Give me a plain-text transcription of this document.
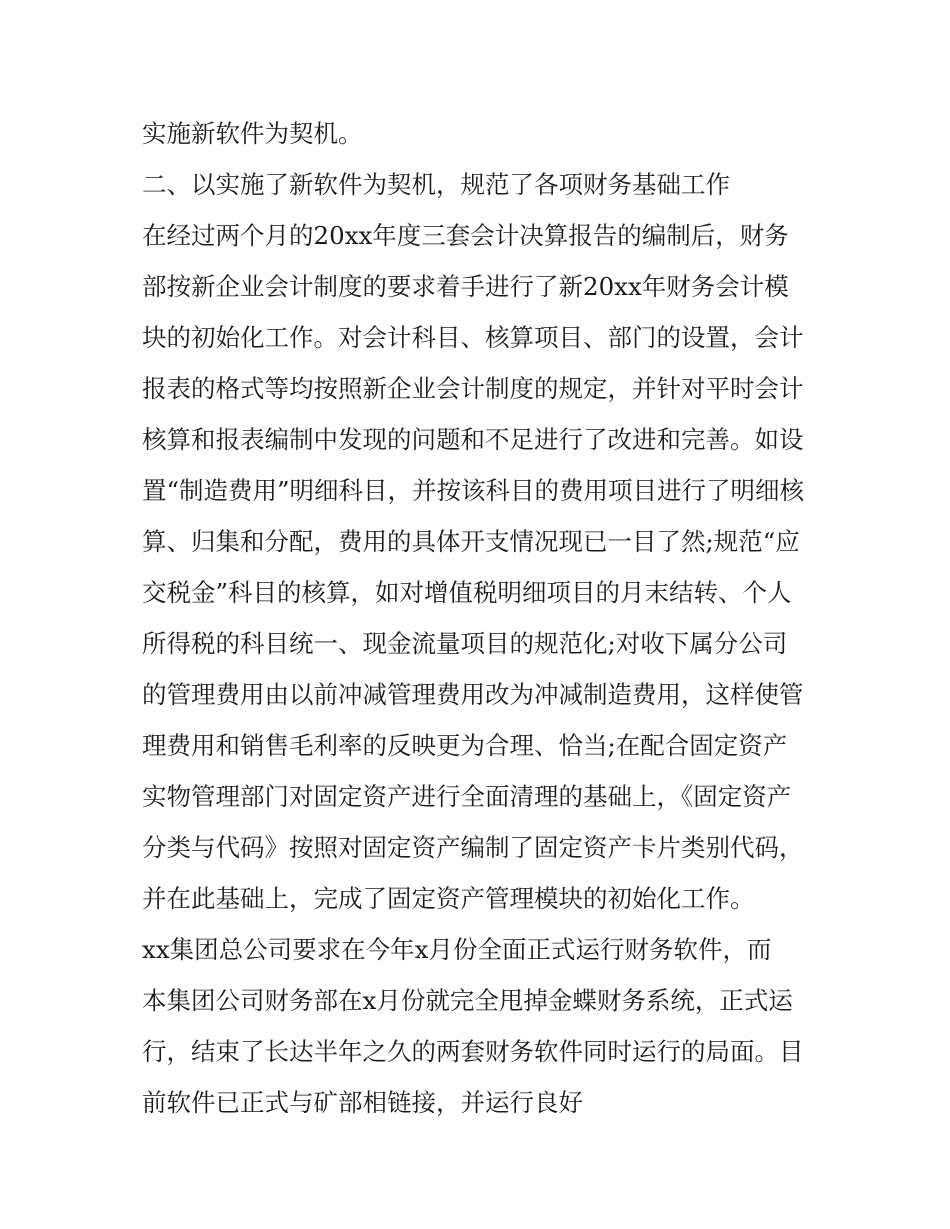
实施新软件为契机。
二、以实施了新软件为契机，规范了各项财务基础工作
在经过两个月的20xx年度三套会计决算报告的编制后，财务
部按新企业会计制度的要求着手进行了新20xx年财务会计模
块的初始化工作。对会计科目、核算项目、部门的设置，会计
报表的格式等均按照新企业会计制度的规定，并针对平时会计
核算和报表编制中发现的问题和不足进行了改进和完善。如设
置“制造费用”明细科目，并按该科目的费用项目进行了明细核
算、归集和分配，费用的具体开支情况现已一目了然;规范“应
交税金”科目的核算，如对增值税明细项目的月末结转、个人
所得税的科目统一、现金流量项目的规范化;对收下属分公司
的管理费用由以前冲减管理费用改为冲减制造费用，这样使管
理费用和销售毛利率的反映更为合理、恰当;在配合固定资产
实物管理部门对固定资产进行全面清理的基础上，《固定资产
分类与代码》按照对固定资产编制了固定资产卡片类别代码，
并在此基础上，完成了固定资产管理模块的初始化工作。
xx集团总公司要求在今年x月份全面正式运行财务软件，而
本集团公司财务部在x月份就完全甩掉金蝶财务系统，正式运
行，结束了长达半年之久的两套财务软件同时运行的局面。目
前软件已正式与矿部相链接，并运行良好
